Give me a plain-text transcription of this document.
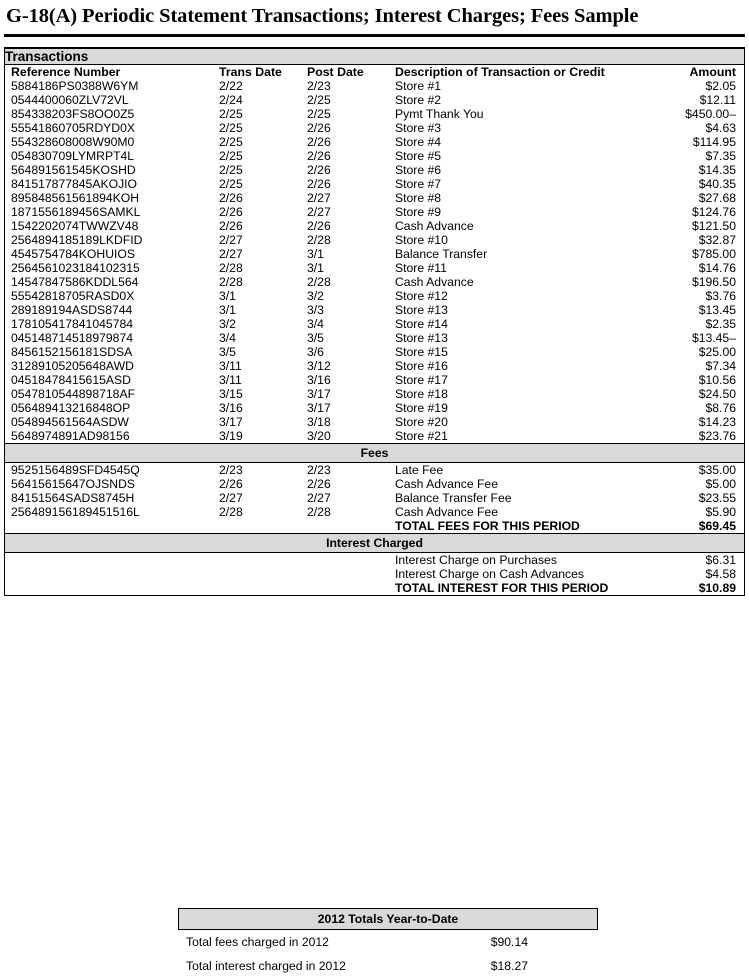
G-18(A) Periodic Statement Transactions; Interest Charges; Fees Sample
Transactions				
Reference Number	Trans Date	Post Date	Description of Transaction or Credit	Amount
5884186PS0388W6YM	2/22	2/23	Store #1	$2.05
0544400060ZLV72VL	2/24	2/25	Store #2	$12.11
854338203FS8OO0Z5	2/25	2/25	Pymt Thank You	$450.00–
55541860705RDYD0X	2/25	2/26	Store #3	$4.63
554328608008W90M0	2/25	2/26	Store #4	$114.95
054830709LYMRPT4L	2/25	2/26	Store #5	$7.35
564891561545KOSHD	2/25	2/26	Store #6	$14.35
841517877845AKOJIO	2/25	2/26	Store #7	$40.35
895848561561894KOH	2/26	2/27	Store #8	$27.68
1871556189456SAMKL	2/26	2/27	Store #9	$124.76
1542202074TWWZV48	2/26	2/26	Cash Advance	$121.50
2564894185189LKDFID	2/27	2/28	Store #10	$32.87
4545754784KOHUIOS	2/27	3/1	Balance Transfer	$785.00
2564561023184102315	2/28	3/1	Store #11	$14.76
14547847586KDDL564	2/28	2/28	Cash Advance	$196.50
55542818705RASD0X	3/1	3/2	Store #12	$3.76
289189194ASDS8744	3/1	3/3	Store #13	$13.45
178105417841045784	3/2	3/4	Store #14	$2.35
045148714518979874	3/4	3/5	Store #13	$13.45–
8456152156181SDSA	3/5	3/6	Store #15	$25.00
31289105205648AWD	3/11	3/12	Store #16	$7.34
04518478415615ASD	3/11	3/16	Store #17	$10.56
0547810544898718AF	3/15	3/17	Store #18	$24.50
056489413216848OP	3/16	3/17	Store #19	$8.76
054894561564ASDW	3/17	3/18	Store #20	$14.23
5648974891AD98156	3/19	3/20	Store #21	$23.76
Fees				
9525156489SFD4545Q	2/23	2/23	Late Fee	$35.00
56415615647OJSNDS	2/26	2/26	Cash Advance Fee	$5.00
84151564SADS8745H	2/27	2/27	Balance Transfer Fee	$23.55
256489156189451516L	2/28	2/28	Cash Advance Fee	$5.90
			TOTAL FEES FOR THIS PERIOD	$69.45
Interest Charged				
			Interest Charge on Purchases	$6.31
			Interest Charge on Cash Advances	$4.58
			TOTAL INTEREST FOR THIS PERIOD	$10.89
2012 Totals Year-to-Date
Total fees charged in 2012	$90.14
Total interest charged in 2012	$18.27
